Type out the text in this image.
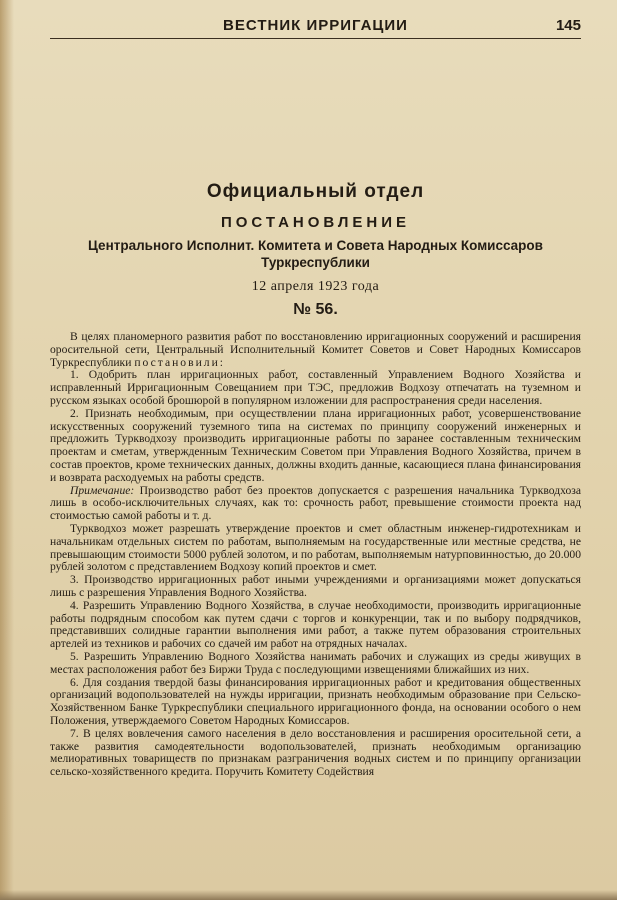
ВЕСТНИК ИРРИГАЦИИ	145
Официальный отдел
ПОСТАНОВЛЕНИЕ
Центрального Исполнит. Комитета и Совета Народных Комиссаров Туркреспублики
12 апреля 1923 года
№ 56.

В целях планомерного развития работ по восстановлению ирригационных сооружений и расширения оросительной сети, Центральный Исполнительный Комитет Советов и Совет Народных Комиссаров Туркреспублики постановили:

1. Одобрить план ирригационных работ, составленный Управлением Водного Хозяйства и исправленный Ирригационным Совещанием при ТЭС, предложив Водхозу отпечатать на туземном и русском языках особой брошюрой в популярном изложении для распространения среди населения.

2. Признать необходимым, при осуществлении плана ирригационных работ, усовершенствование искусственных сооружений туземного типа на системах по принципу сооружений инженерных и предложить Туркводхозу производить ирригационные работы по заранее составленным техническим проектам и сметам, утвержденным Техническим Советом при Управления Водного Хозяйства, причем в состав проектов, кроме технических данных, должны входить данные, касающиеся плана финансирования и возврата расходуемых на работы средств.

Примечание: Производство работ без проектов допускается с разрешения начальника Туркводхоза лишь в особо-исключительных случаях, как то: срочность работ, превышение стоимости проекта над стоимостью самой работы и т. д.

Туркводхоз может разрешать утверждение проектов и смет областным инженер-гидротехникам и начальникам отдельных систем по работам, выполняемым на государственные или местные средства, не превышающим стоимости 5000 рублей золотом, и по работам, выполняемым натурповинностью, до 20.000 рублей золотом с представлением Водхозу копий проектов и смет.

3. Производство ирригационных работ иными учреждениями и организациями может допускаться лишь с разрешения Управления Водного Хозяйства.

4. Разрешить Управлению Водного Хозяйства, в случае необходимости, производить ирригационные работы подрядным способом как путем сдачи с торгов и конкуренции, так и по выбору подрядчиков, представивших солидные гарантии выполнения ими работ, а также путем образования строительных артелей из техников и рабочих со сдачей им работ на отрядных началах.

5. Разрешить Управлению Водного Хозяйства нанимать рабочих и служащих из среды живущих в местах расположения работ без Биржи Труда с последующими извещениями ближайших из них.

6. Для создания твердой базы финансирования ирригационных работ и кредитования общественных организаций водопользователей на нужды ирригации, признать необходимым образование при Сельско-Хозяйственном Банке Туркреспублики специального ирригационного фонда, на основании особого о нем Положения, утверждаемого Советом Народных Комиссаров.

7. В целях вовлечения самого населения в дело восстановления и расширения оросительной сети, а также развития самодеятельности водопользователей, признать необходимым организацию мелиоративных товариществ по признакам разграничения водных систем и по принципу организации сельско-хозяйственного кредита. Поручить Комитету Содействия
